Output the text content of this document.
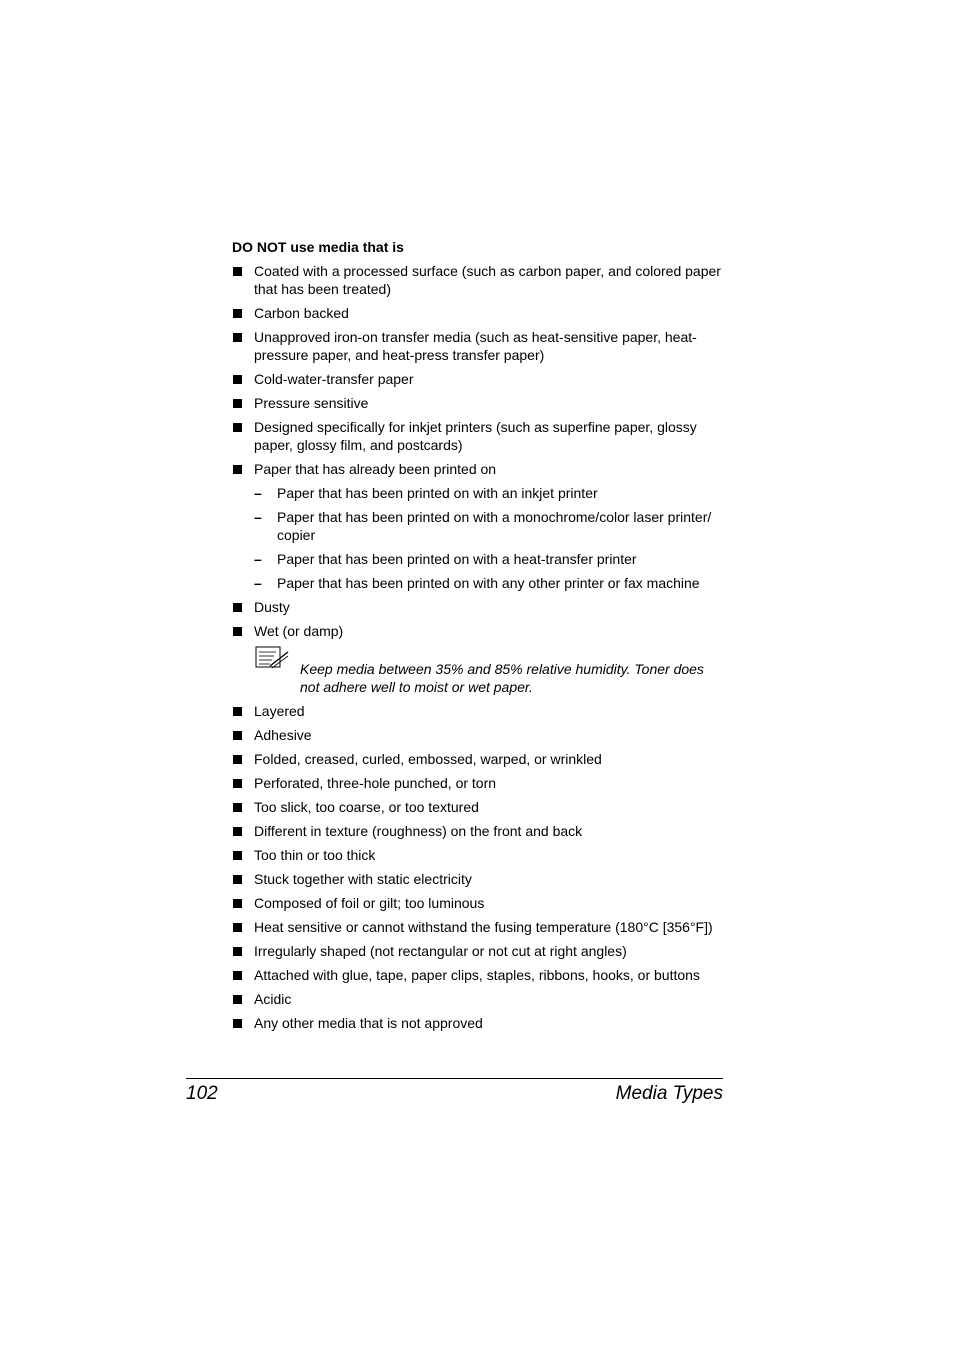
DO NOT use media that is

Coated with a processed surface (such as carbon paper, and colored paper that has been treated)
Carbon backed
Unapproved iron-on transfer media (such as heat-sensitive paper, heat-pressure paper, and heat-press transfer paper)
Cold-water-transfer paper
Pressure sensitive
Designed specifically for inkjet printers (such as superfine paper, glossy paper, glossy film, and postcards)
Paper that has already been printed on
– Paper that has been printed on with an inkjet printer
– Paper that has been printed on with a monochrome/color laser printer/ copier
– Paper that has been printed on with a heat-transfer printer
– Paper that has been printed on with any other printer or fax machine
Dusty
Wet (or damp)
Keep media between 35% and 85% relative humidity. Toner does not adhere well to moist or wet paper.
Layered
Adhesive
Folded, creased, curled, embossed, warped, or wrinkled
Perforated, three-hole punched, or torn
Too slick, too coarse, or too textured
Different in texture (roughness) on the front and back
Too thin or too thick
Stuck together with static electricity
Composed of foil or gilt; too luminous
Heat sensitive or cannot withstand the fusing temperature (180°C [356°F])
Irregularly shaped (not rectangular or not cut at right angles)
Attached with glue, tape, paper clips, staples, ribbons, hooks, or buttons
Acidic
Any other media that is not approved
102	Media Types
